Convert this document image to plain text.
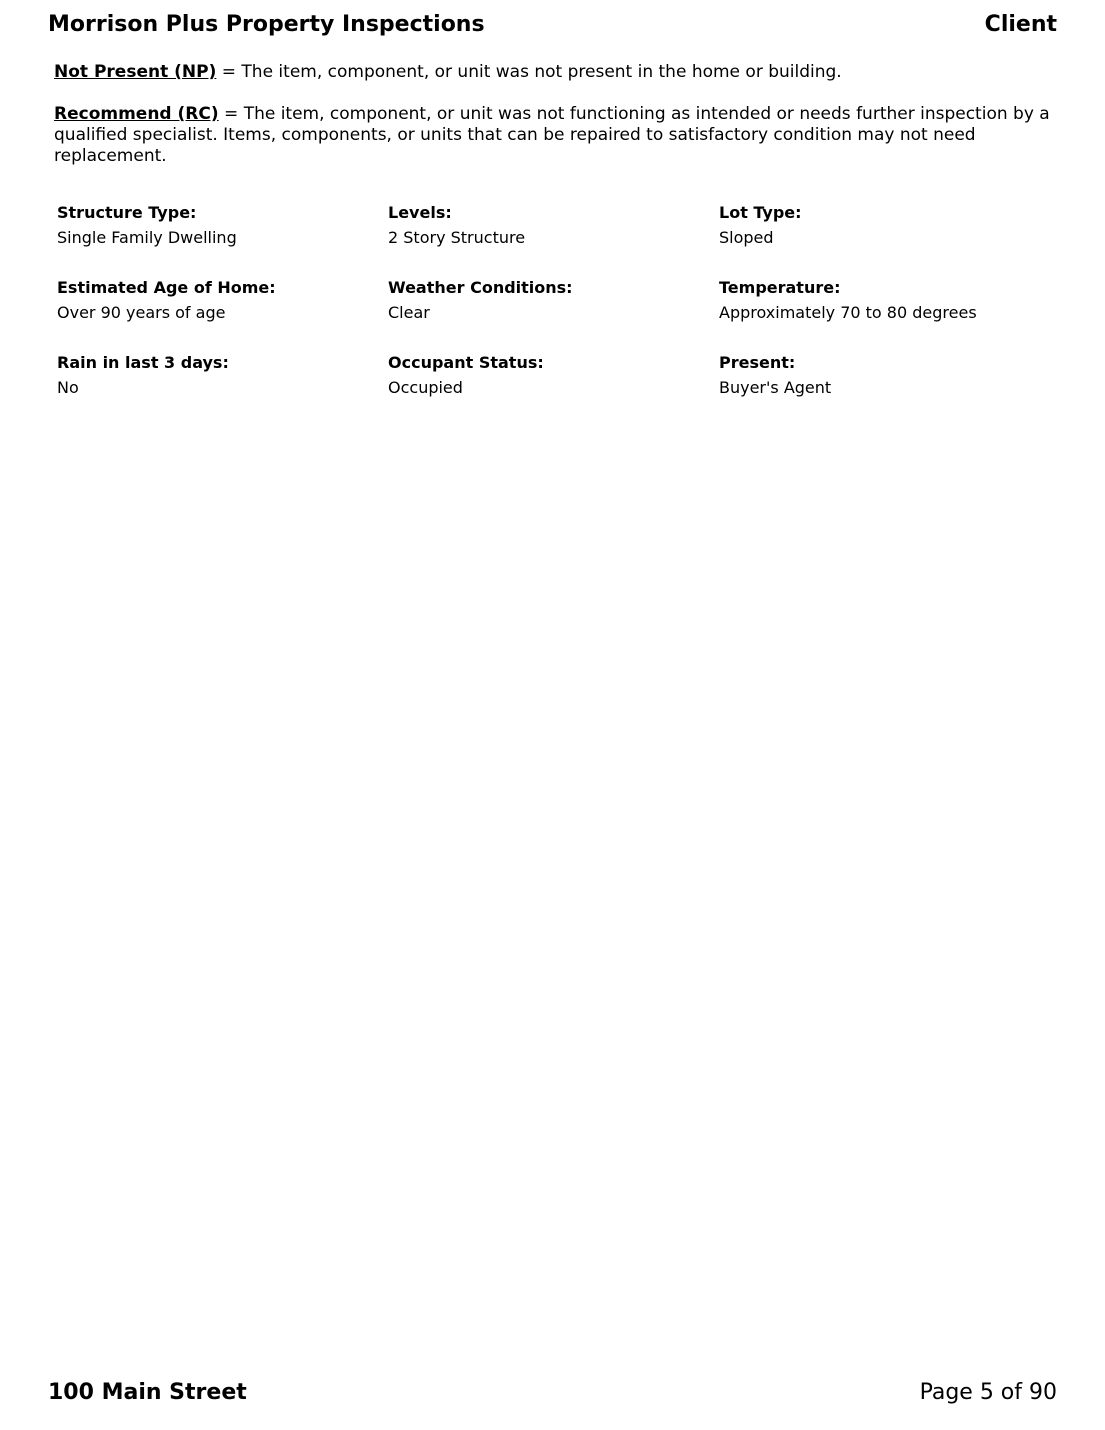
Morrison Plus Property Inspections	Client

Not Present (NP) = The item, component, or unit was not present in the home or building.

Recommend (RC) = The item, component, or unit was not functioning as intended or needs further inspection by a qualified specialist. Items, components, or units that can be repaired to satisfactory condition may not need replacement.

Structure Type:
Single Family Dwelling
Levels:
2 Story Structure
Lot Type:
Sloped
Estimated Age of Home:
Over 90 years of age
Weather Conditions:
Clear
Temperature:
Approximately 70 to 80 degrees
Rain in last 3 days:
No
Occupant Status:
Occupied
Present:
Buyer's Agent
100 Main Street	Page 5 of 90
